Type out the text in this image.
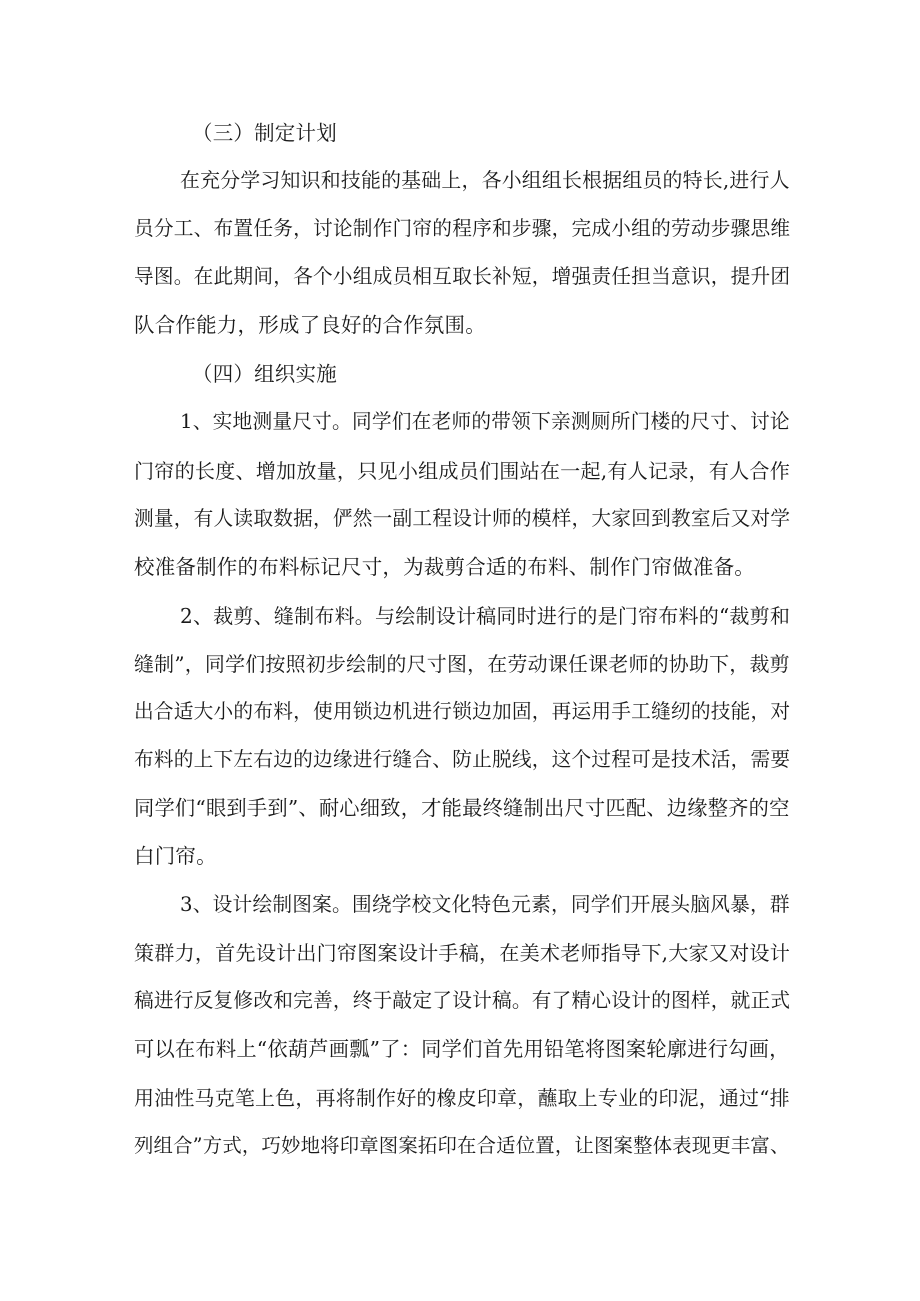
（三）制定计划
在充分学习知识和技能的基础上，各小组组长根据组员的特长,进行人
员分工、布置任务，讨论制作门帘的程序和步骤，完成小组的劳动步骤思维
导图。在此期间，各个小组成员相互取长补短，增强责任担当意识，提升团
队合作能力，形成了良好的合作氛围。
（四）组织实施
1、实地测量尺寸。同学们在老师的带领下亲测厕所门楼的尺寸、讨论
门帘的长度、增加放量，只见小组成员们围站在一起,有人记录，有人合作
测量，有人读取数据，俨然一副工程设计师的模样，大家回到教室后又对学
校准备制作的布料标记尺寸，为裁剪合适的布料、制作门帘做准备。
2、裁剪、缝制布料。与绘制设计稿同时进行的是门帘布料的“裁剪和
缝制”，同学们按照初步绘制的尺寸图，在劳动课任课老师的协助下，裁剪
出合适大小的布料，使用锁边机进行锁边加固，再运用手工缝纫的技能，对
布料的上下左右边的边缘进行缝合、防止脱线，这个过程可是技术活，需要
同学们“眼到手到”、耐心细致，才能最终缝制出尺寸匹配、边缘整齐的空
白门帘。
3、设计绘制图案。围绕学校文化特色元素，同学们开展头脑风暴，群
策群力，首先设计出门帘图案设计手稿，在美术老师指导下,大家又对设计
稿进行反复修改和完善，终于敲定了设计稿。有了精心设计的图样，就正式
可以在布料上“依葫芦画瓢”了：同学们首先用铅笔将图案轮廓进行勾画，
用油性马克笔上色，再将制作好的橡皮印章，蘸取上专业的印泥，通过“排
列组合”方式，巧妙地将印章图案拓印在合适位置，让图案整体表现更丰富、
